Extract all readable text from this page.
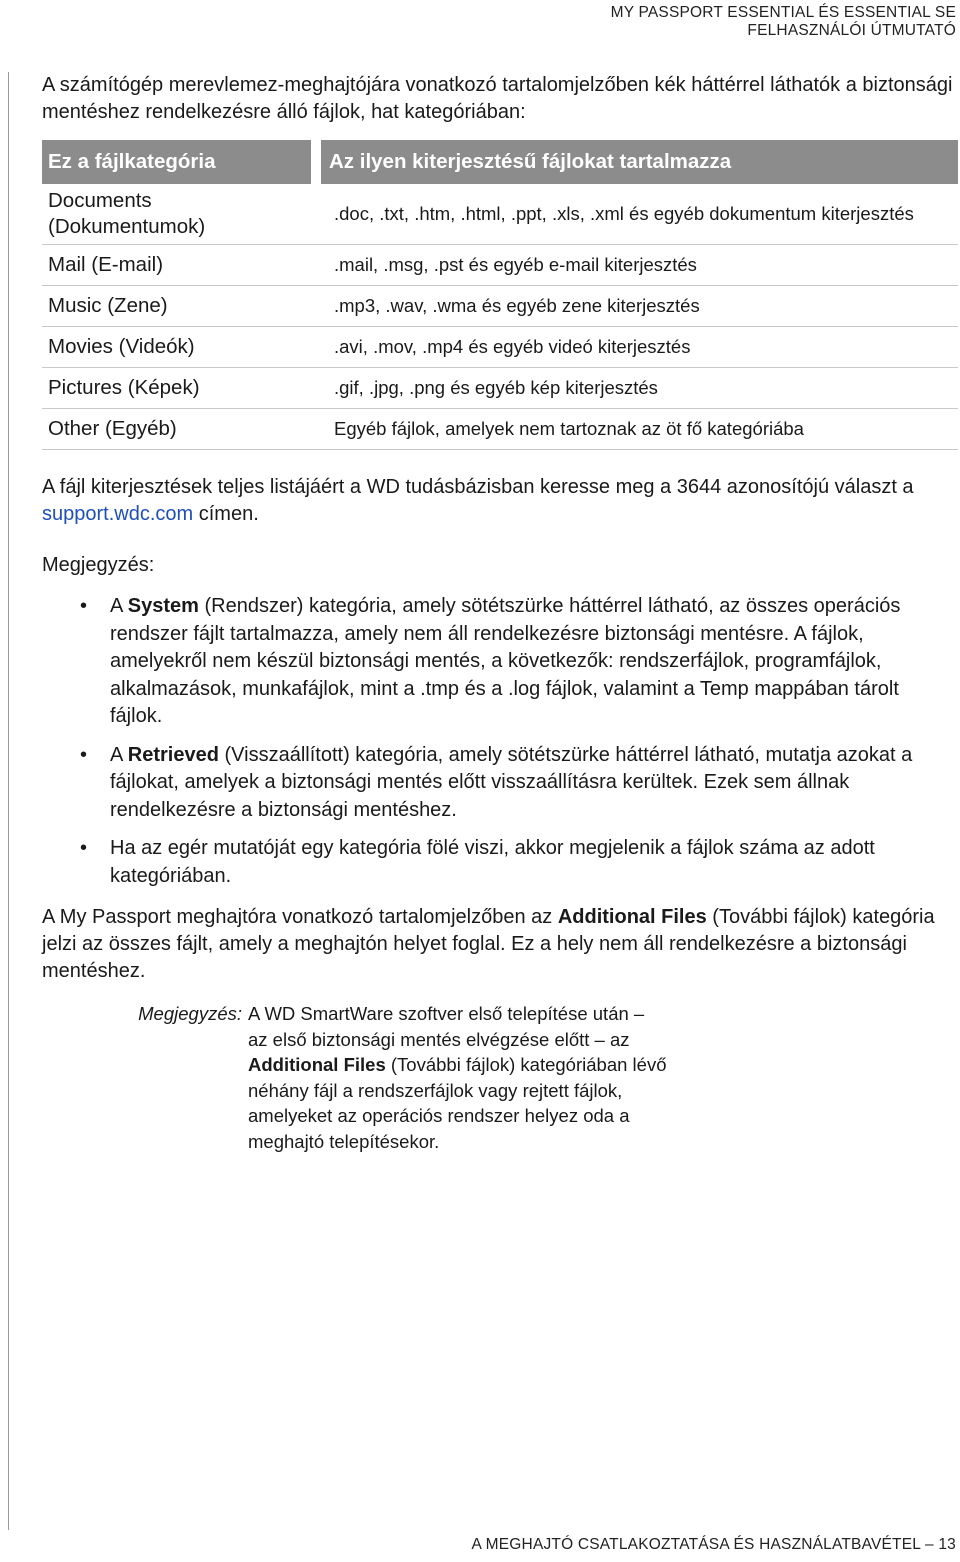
MY PASSPORT ESSENTIAL ÉS ESSENTIAL SE
FELHASZNÁLÓI ÚTMUTATÓ

A számítógép merevlemez-meghajtójára vonatkozó tartalomjelzőben kék háttérrel láthatók a biztonsági mentéshez rendelkezésre álló fájlok, hat kategóriában:

Ez a fájlkategória	Az ilyen kiterjesztésű fájlokat tartalmazza
Documents (Dokumentumok)	.doc, .txt, .htm, .html, .ppt, .xls, .xml és egyéb dokumentum kiterjesztés
Mail (E-mail)	.mail, .msg, .pst és egyéb e-mail kiterjesztés
Music (Zene)	.mp3, .wav, .wma és egyéb zene kiterjesztés
Movies (Videók)	.avi, .mov, .mp4 és egyéb videó kiterjesztés
Pictures (Képek)	.gif, .jpg, .png és egyéb kép kiterjesztés
Other (Egyéb)	Egyéb fájlok, amelyek nem tartoznak az öt fő kategóriába

A fájl kiterjesztések teljes listájáért a WD tudásbázisban keresse meg a 3644 azonosítójú választ a support.wdc.com címen.

Megjegyzés:

• A System (Rendszer) kategória, amely sötétszürke háttérrel látható, az összes operációs rendszer fájlt tartalmazza, amely nem áll rendelkezésre biztonsági mentésre. A fájlok, amelyekről nem készül biztonsági mentés, a következők: rendszerfájlok, programfájlok, alkalmazások, munkafájlok, mint a .tmp és a .log fájlok, valamint a Temp mappában tárolt fájlok.
• A Retrieved (Visszaállított) kategória, amely sötétszürke háttérrel látható, mutatja azokat a fájlokat, amelyek a biztonsági mentés előtt visszaállításra kerültek. Ezek sem állnak rendelkezésre a biztonsági mentéshez.
• Ha az egér mutatóját egy kategória fölé viszi, akkor megjelenik a fájlok száma az adott kategóriában.

A My Passport meghajtóra vonatkozó tartalomjelzőben az Additional Files (További fájlok) kategória jelzi az összes fájlt, amely a meghajtón helyet foglal. Ez a hely nem áll rendelkezésre a biztonsági mentéshez.

Megjegyzés: A WD SmartWare szoftver első telepítése után – az első biztonsági mentés elvégzése előtt – az Additional Files (További fájlok) kategóriában lévő néhány fájl a rendszerfájlok vagy rejtett fájlok, amelyeket az operációs rendszer helyez oda a meghajtó telepítésekor.
A MEGHAJTÓ CSATLAKOZTATÁSA ÉS HASZNÁLATBAVÉTEL – 13
